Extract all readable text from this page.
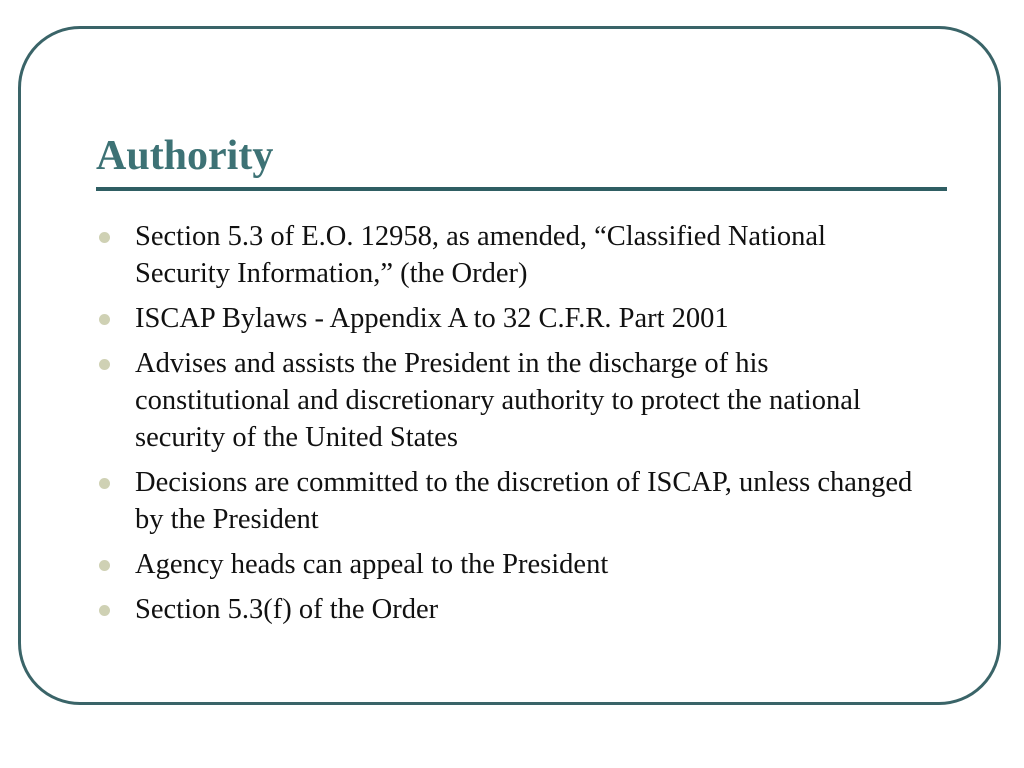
Authority
Section 5.3 of E.O. 12958, as amended, “Classified National Security Information,” (the Order)
ISCAP Bylaws - Appendix A to 32 C.F.R. Part 2001
Advises and assists the President in the discharge of his constitutional and discretionary authority to protect the national security of the United States
Decisions are committed to the discretion of ISCAP, unless changed by the President
Agency heads can appeal to the President
Section 5.3(f) of the Order
